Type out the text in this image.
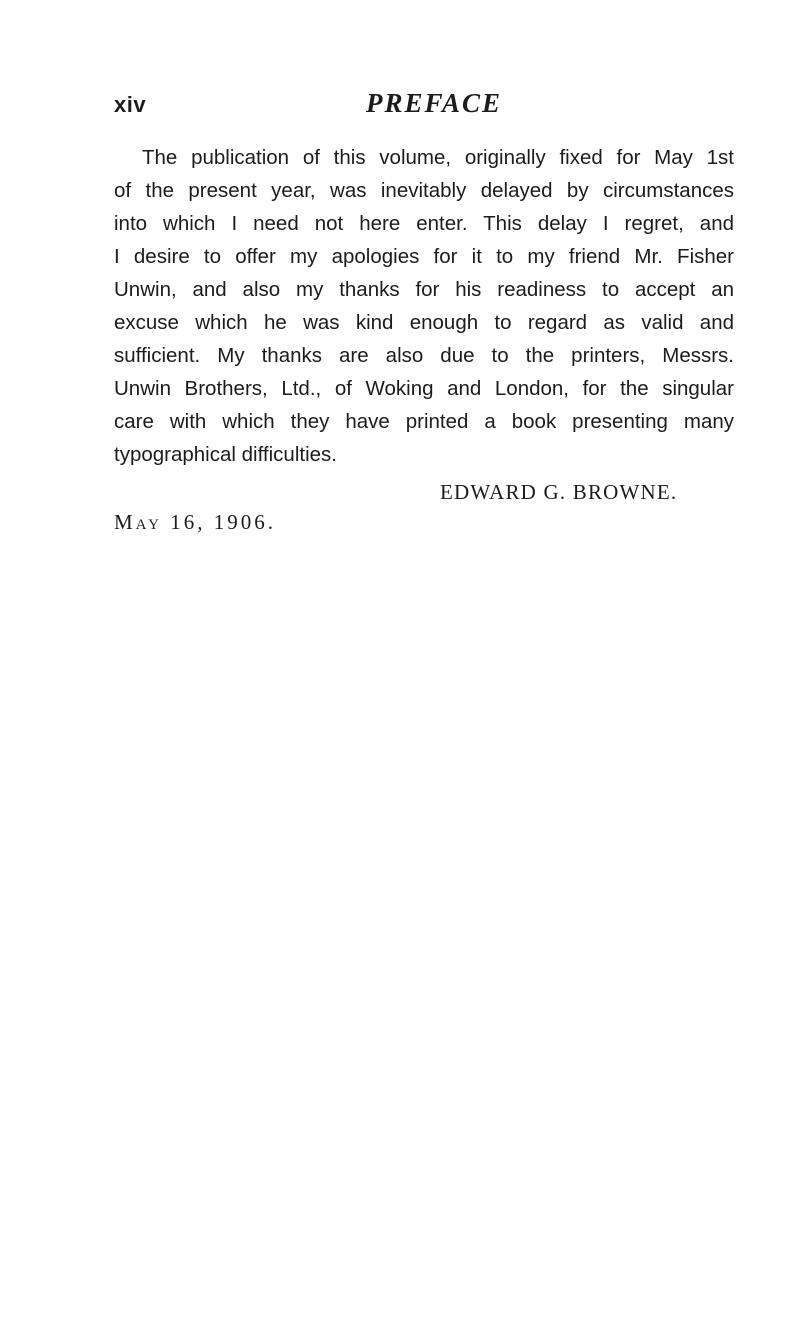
xiv	PREFACE
The publication of this volume, originally fixed for May 1st
of the present year, was inevitably delayed by circumstances
into which I need not here enter. This delay I regret, and
I desire to offer my apologies for it to my friend Mr. Fisher
Unwin, and also my thanks for his readiness to accept an
excuse which he was kind enough to regard as valid and
sufficient. My thanks are also due to the printers, Messrs.
Unwin Brothers, Ltd., of Woking and London, for the singular
care with which they have printed a book presenting many
typographical difficulties.
EDWARD G. BROWNE.
May 16, 1906.
